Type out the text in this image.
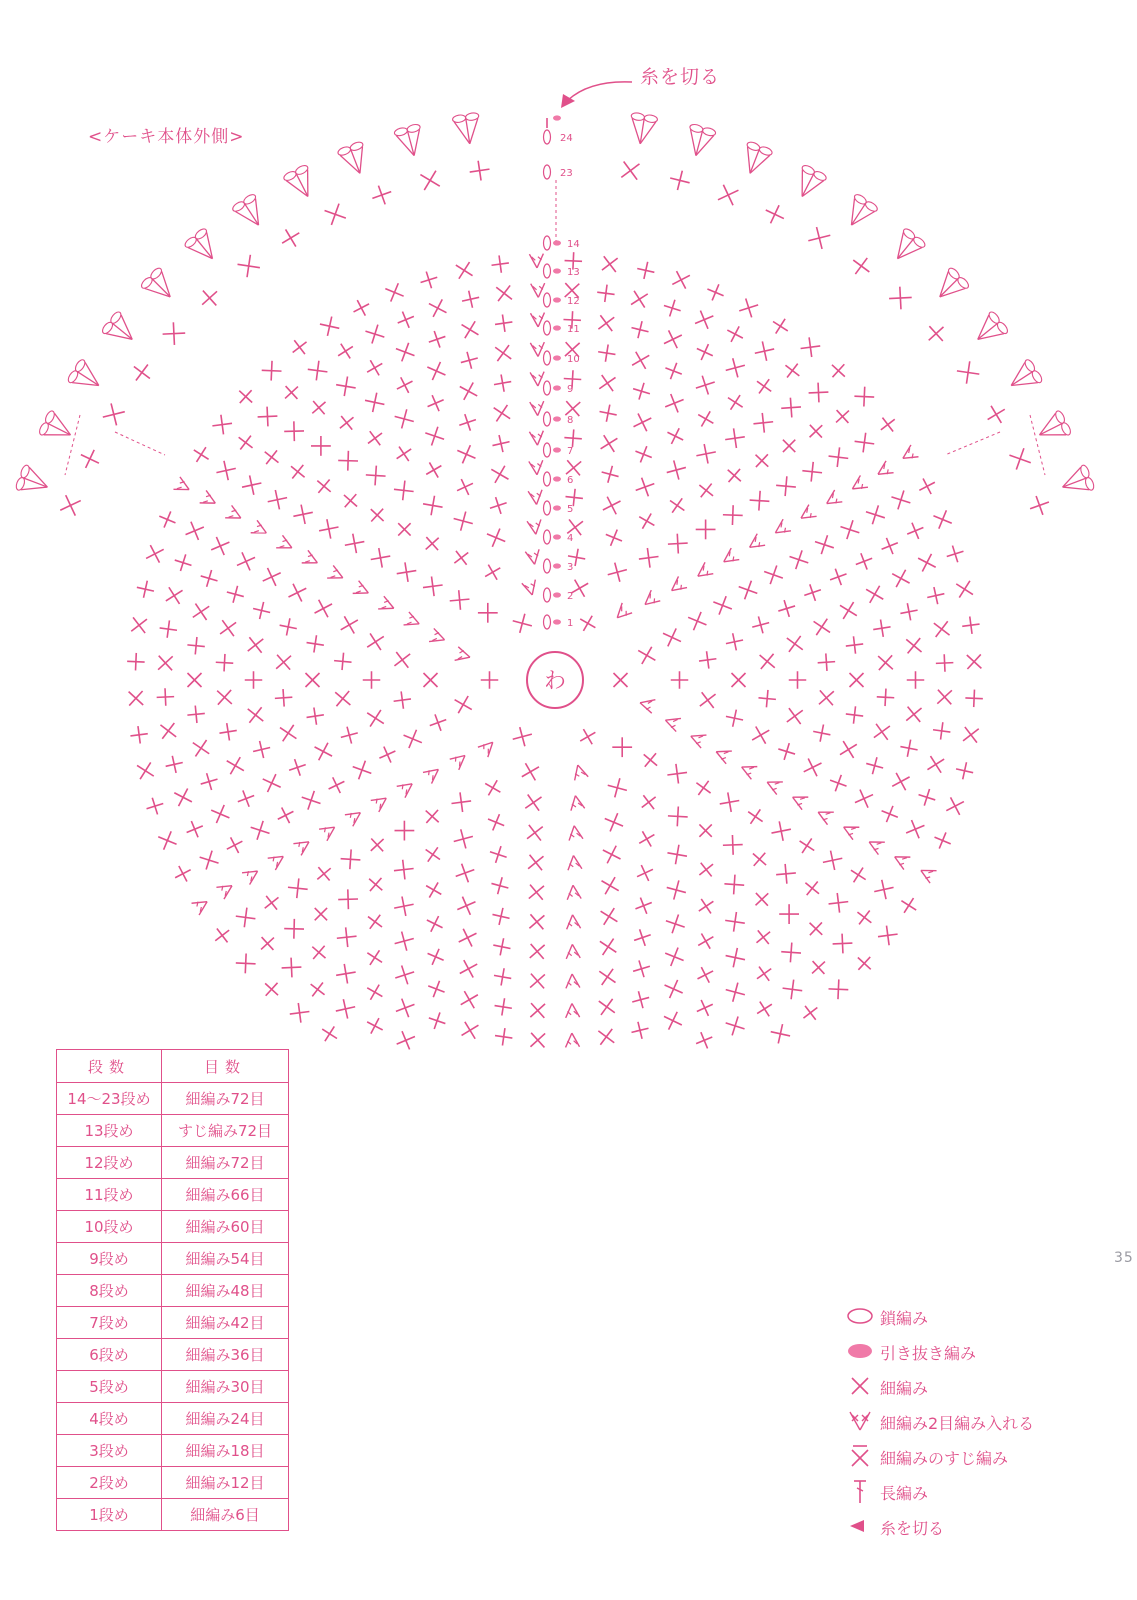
わ
1
2
3
4
5
6
7
8
9
10
11
12
13
14
23
24
<ケーキ本体外側>
糸を切る
35
段数	目数
14〜23段め	細編み72目
13段め	すじ編み72目
12段め	細編み72目
11段め	細編み66目
10段め	細編み60目
9段め	細編み54目
8段め	細編み48目
7段め	細編み42目
6段め	細編み36目
5段め	細編み30目
4段め	細編み24目
3段め	細編み18目
2段め	細編み12目
1段め	細編み6目
鎖編み
引き抜き編み
細編み
細編み2目編み入れる
細編みのすじ編み
長編み
糸を切る
